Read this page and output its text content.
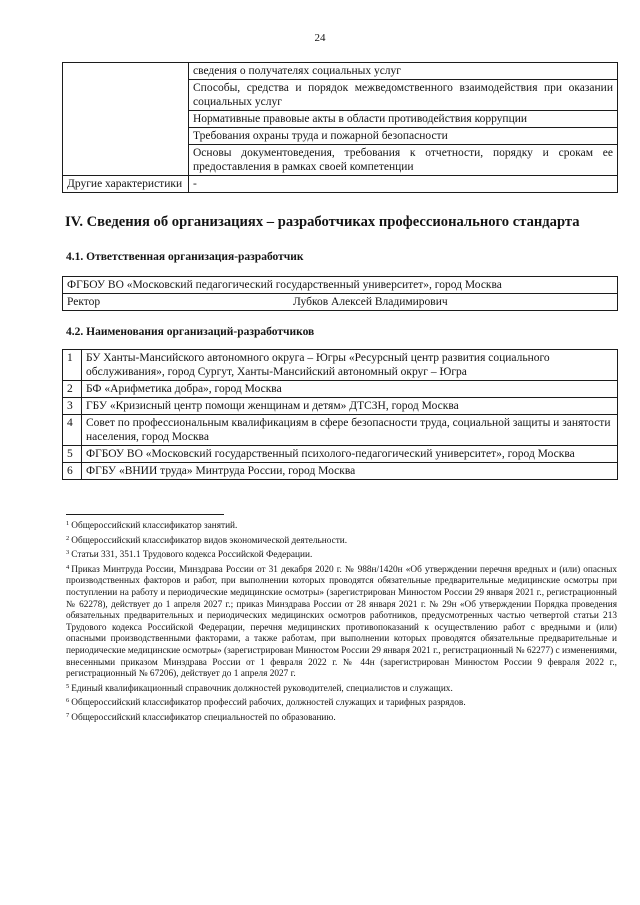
24
	сведения о получателях социальных услуг
	Способы, средства и порядок межведомственного взаимодействия при оказании социальных услуг
	Нормативные правовые акты в области противодействия коррупции
	Требования охраны труда и пожарной безопасности
	Основы документоведения, требования к отчетности, порядку и срокам ее предоставления в рамках своей компетенции
Другие характеристики	-
IV. Сведения об организациях – разработчиках профессионального стандарта
4.1. Ответственная организация-разработчик
ФГБОУ ВО «Московский педагогический государственный университет», город Москва
Ректор	Лубков Алексей Владимирович
4.2. Наименования организаций-разработчиков
1	БУ Ханты-Мансийского автономного округа – Югры «Ресурсный центр развития социального обслуживания», город Сургут, Ханты-Мансийский автономный округ – Югра
2	БФ «Арифметика добра», город Москва
3	ГБУ «Кризисный центр помощи женщинам и детям» ДТСЗН, город Москва
4	Совет по профессиональным квалификациям в сфере безопасности труда, социальной защиты и занятости населения, город Москва
5	ФГБОУ ВО «Московский государственный психолого-педагогический университет», город Москва
6	ФГБУ «ВНИИ труда» Минтруда России, город Москва

$^1$ Общероссийский классификатор занятий.

$^2$ Общероссийский классификатор видов экономической деятельности.

$^3$ Статьи 331, 351.1 Трудового кодекса Российской Федерации.

$^4$ Приказ Минтруда России, Минздрава России от 31 декабря 2020 г. № 988н/1420н «Об утверждении перечня вредных и (или) опасных производственных факторов и работ, при выполнении которых проводятся обязательные предварительные медицинские осмотры при поступлении на работу и периодические медицинские осмотры» (зарегистрирован Минюстом России 29 января 2021 г., регистрационный № 62278), действует до 1 апреля 2027 г.; приказ Минздрава России от 28 января 2021 г. № 29н «Об утверждении Порядка проведения обязательных предварительных и периодических медицинских осмотров работников, предусмотренных частью четвертой статьи 213 Трудового кодекса Российской Федерации, перечня медицинских противопоказаний к осуществлению работ с вредными и (или) опасными производственными факторами, а также работам, при выполнении которых проводятся обязательные предварительные и периодические медицинские осмотры» (зарегистрирован Минюстом России 29 января 2021 г., регистрационный № 62277) с изменениями, внесенными приказом Минздрава России от 1 февраля 2022 г. № 44н (зарегистрирован Минюстом России 9 февраля 2022 г., регистрационный № 67206), действует до 1 апреля 2027 г.

$^5$ Единый квалификационный справочник должностей руководителей, специалистов и служащих.

$^6$ Общероссийский классификатор профессий рабочих, должностей служащих и тарифных разрядов.

$^7$ Общероссийский классификатор специальностей по образованию.
